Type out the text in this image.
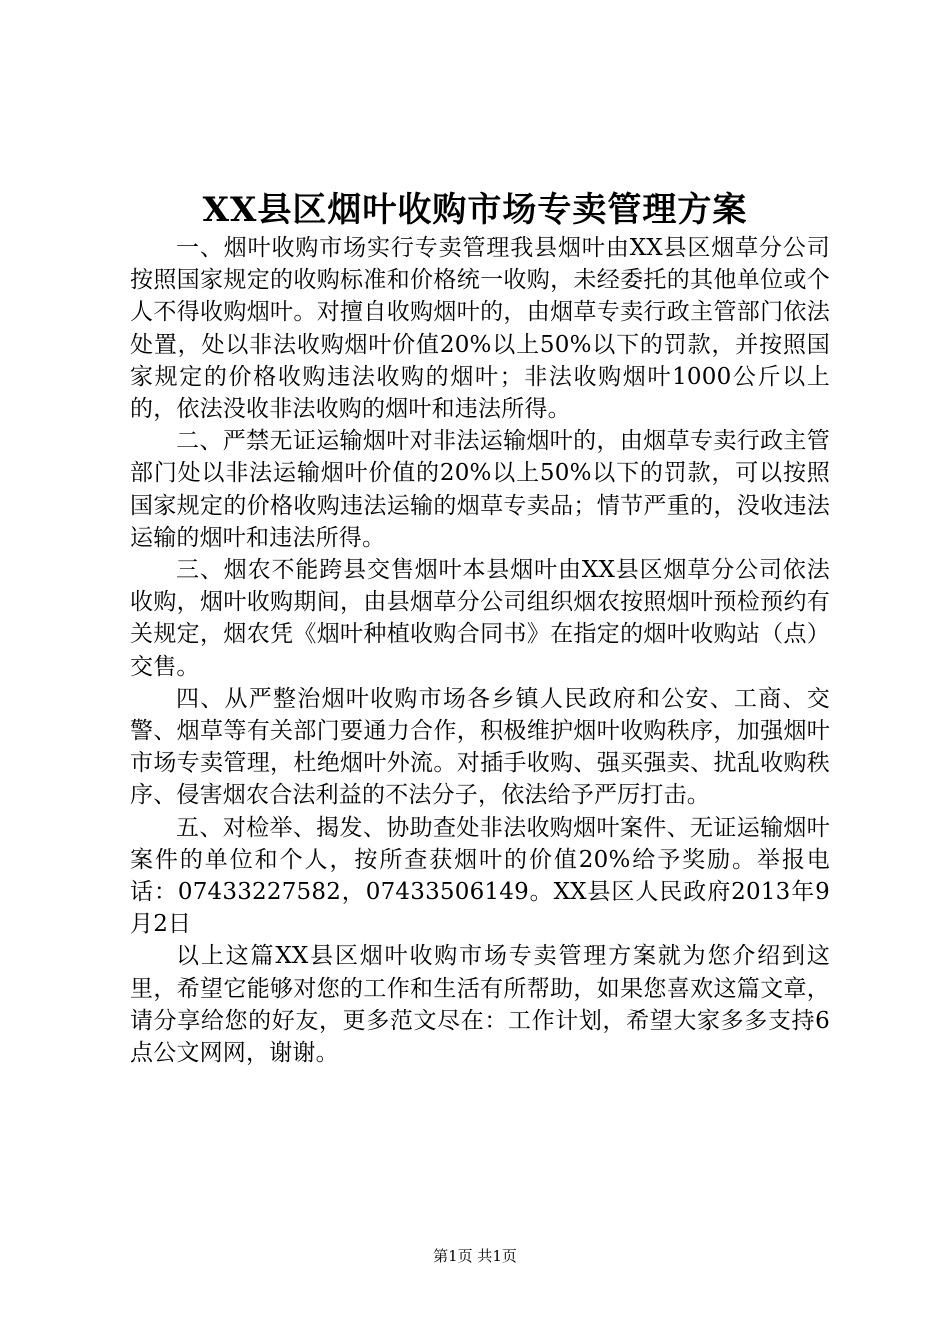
XX县区烟叶收购市场专卖管理方案

一、烟叶收购市场实行专卖管理我县烟叶由XX县区烟草分公司按照国家规定的收购标准和价格统一收购，未经委托的其他单位或个人不得收购烟叶。对擅自收购烟叶的，由烟草专卖行政主管部门依法处置，处以非法收购烟叶价值20%以上50%以下的罚款，并按照国家规定的价格收购违法收购的烟叶；非法收购烟叶1000公斤以上的，依法没收非法收购的烟叶和违法所得。

二、严禁无证运输烟叶对非法运输烟叶的，由烟草专卖行政主管部门处以非法运输烟叶价值的20%以上50%以下的罚款，可以按照国家规定的价格收购违法运输的烟草专卖品；情节严重的，没收违法运输的烟叶和违法所得。

三、烟农不能跨县交售烟叶本县烟叶由XX县区烟草分公司依法收购，烟叶收购期间，由县烟草分公司组织烟农按照烟叶预检预约有关规定，烟农凭《烟叶种植收购合同书》在指定的烟叶收购站（点）交售。

四、从严整治烟叶收购市场各乡镇人民政府和公安、工商、交警、烟草等有关部门要通力合作，积极维护烟叶收购秩序，加强烟叶市场专卖管理，杜绝烟叶外流。对插手收购、强买强卖、扰乱收购秩序、侵害烟农合法利益的不法分子，依法给予严厉打击。

五、对检举、揭发、协助查处非法收购烟叶案件、无证运输烟叶案件的单位和个人，按所查获烟叶的价值20%给予奖励。举报电话：07433227582，07433506149。XX县区人民政府2013年9月2日

以上这篇XX县区烟叶收购市场专卖管理方案就为您介绍到这里，希望它能够对您的工作和生活有所帮助，如果您喜欢这篇文章，请分享给您的好友，更多范文尽在：工作计划，希望大家多多支持6点公文网网，谢谢。

第1页 共1页
